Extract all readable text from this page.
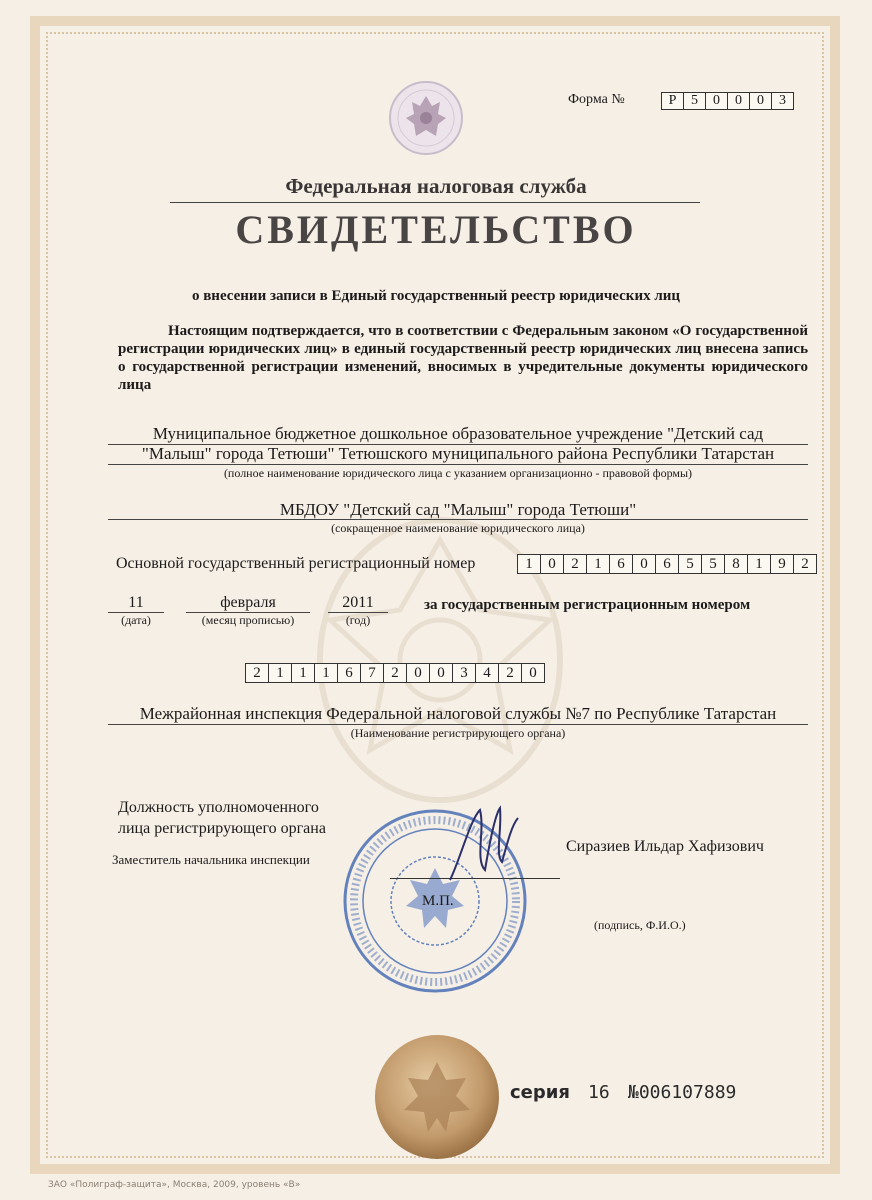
Форма №	Р	5	0	0	0	3
Федеральная налоговая служба
СВИДЕТЕЛЬСТВО
о внесении записи в Единый государственный реестр юридических лиц
Настоящим подтверждается, что в соответствии с Федеральным законом «О государственной регистрации юридических лиц» в единый государственный реестр юридических лиц внесена запись о государственной регистрации изменений, вносимых в учредительные документы юридического лица
Муниципальное бюджетное дошкольное образовательное учреждение "Детский сад
"Малыш" города Тетюши" Тетюшского муниципального района Республики Татарстан
(полное наименование юридического лица с указанием организационно - правовой формы)
МБДОУ "Детский сад "Малыш" города Тетюши"
(сокращенное наименование юридического лица)
Основной государственный регистрационный номер	1	0	2	1	6	0	6	5	5	8	1	9	2
11
(дата)
февраля
(месяц прописью)
2011
(год)
за государственным регистрационным номером
2	1	1	1	6	7	2	0	0	3	4	2	0
Межрайонная инспекция Федеральной налоговой службы №7 по Республике Татарстан
(Наименование регистрирующего органа)
Должность уполномоченного
лица регистрирующего органа
Заместитель начальника инспекции
М.П.
Сиразиев Ильдар Хафизович
(подпись, Ф.И.О.)
серия 16 №006107889
ЗАО «Полиграф-защита», Москва, 2009, уровень «В»
